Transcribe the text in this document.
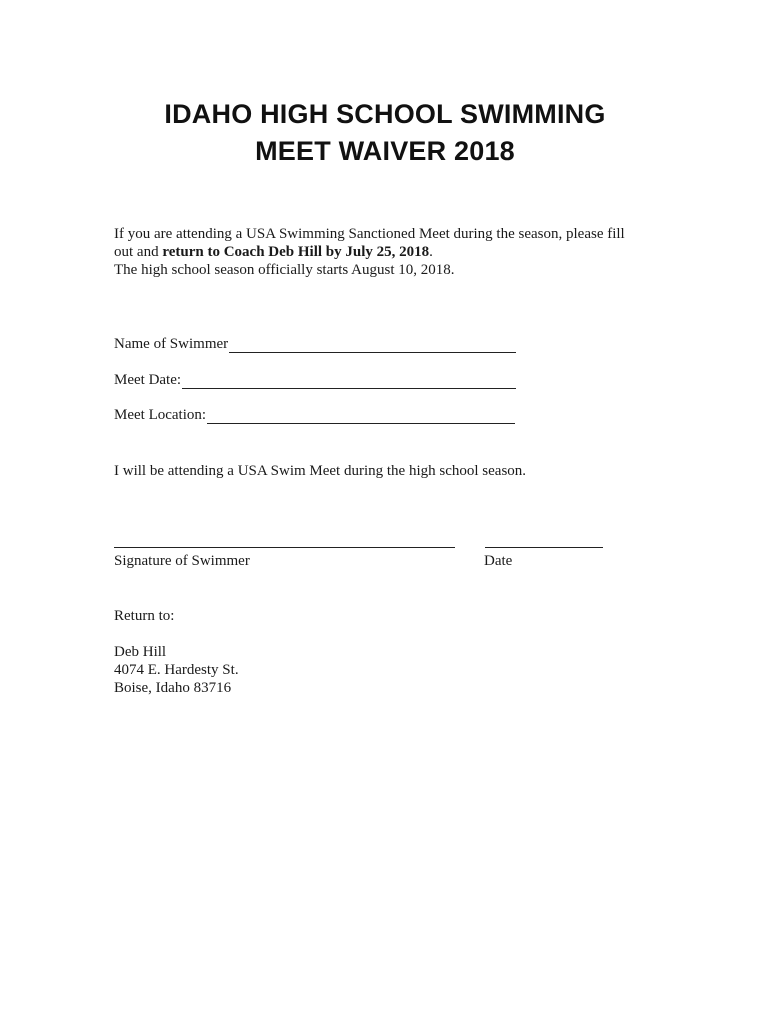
IDAHO HIGH SCHOOL SWIMMING
MEET WAIVER 2018
If you are attending a USA Swimming Sanctioned Meet during the season, please fill
out and return to Coach Deb Hill by July 25, 2018.
The high school season officially starts August 10, 2018.
Name of Swimmer
Meet Date:
Meet Location:
I will be attending a USA Swim Meet during the high school season.
Signature of Swimmer	Date
Return to:
Deb Hill
4074 E. Hardesty St.
Boise, Idaho 83716
